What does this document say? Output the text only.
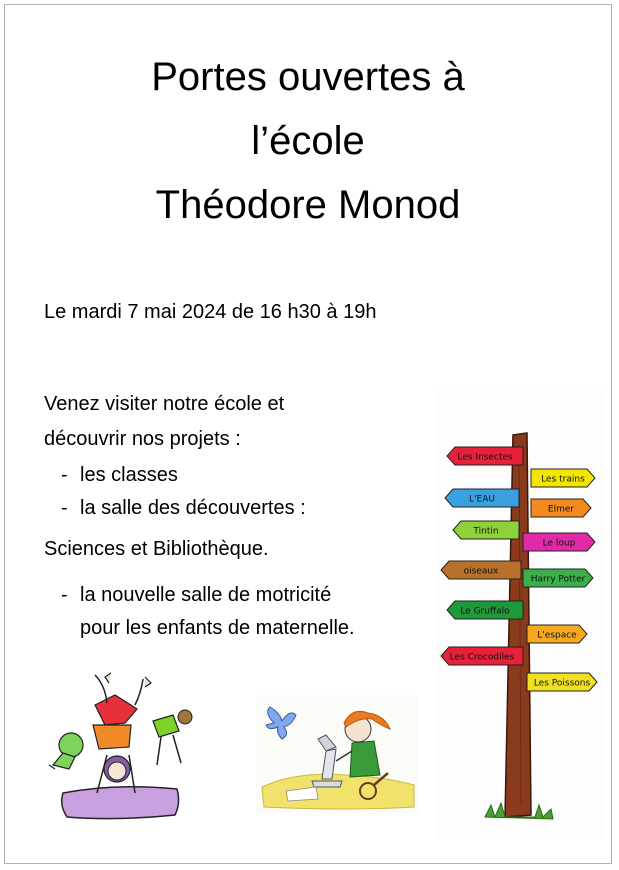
Portes ouvertes à
l’école
Théodore Monod
Le mardi 7 mai 2024 de 16 h30 à 19h
Venez visiter notre école et
découvrir nos projets :
- les classes
- la salle des découvertes :
Sciences et Bibliothèque.
- la nouvelle salle de motricité
pour les enfants de maternelle.
Les Insectes
Les trains
L'EAU
Elmer
Tintin
Le loup
oiseaux
Harry Potter
Le Gruffalo
L'espace
Les Crocodiles
Les Poissons
